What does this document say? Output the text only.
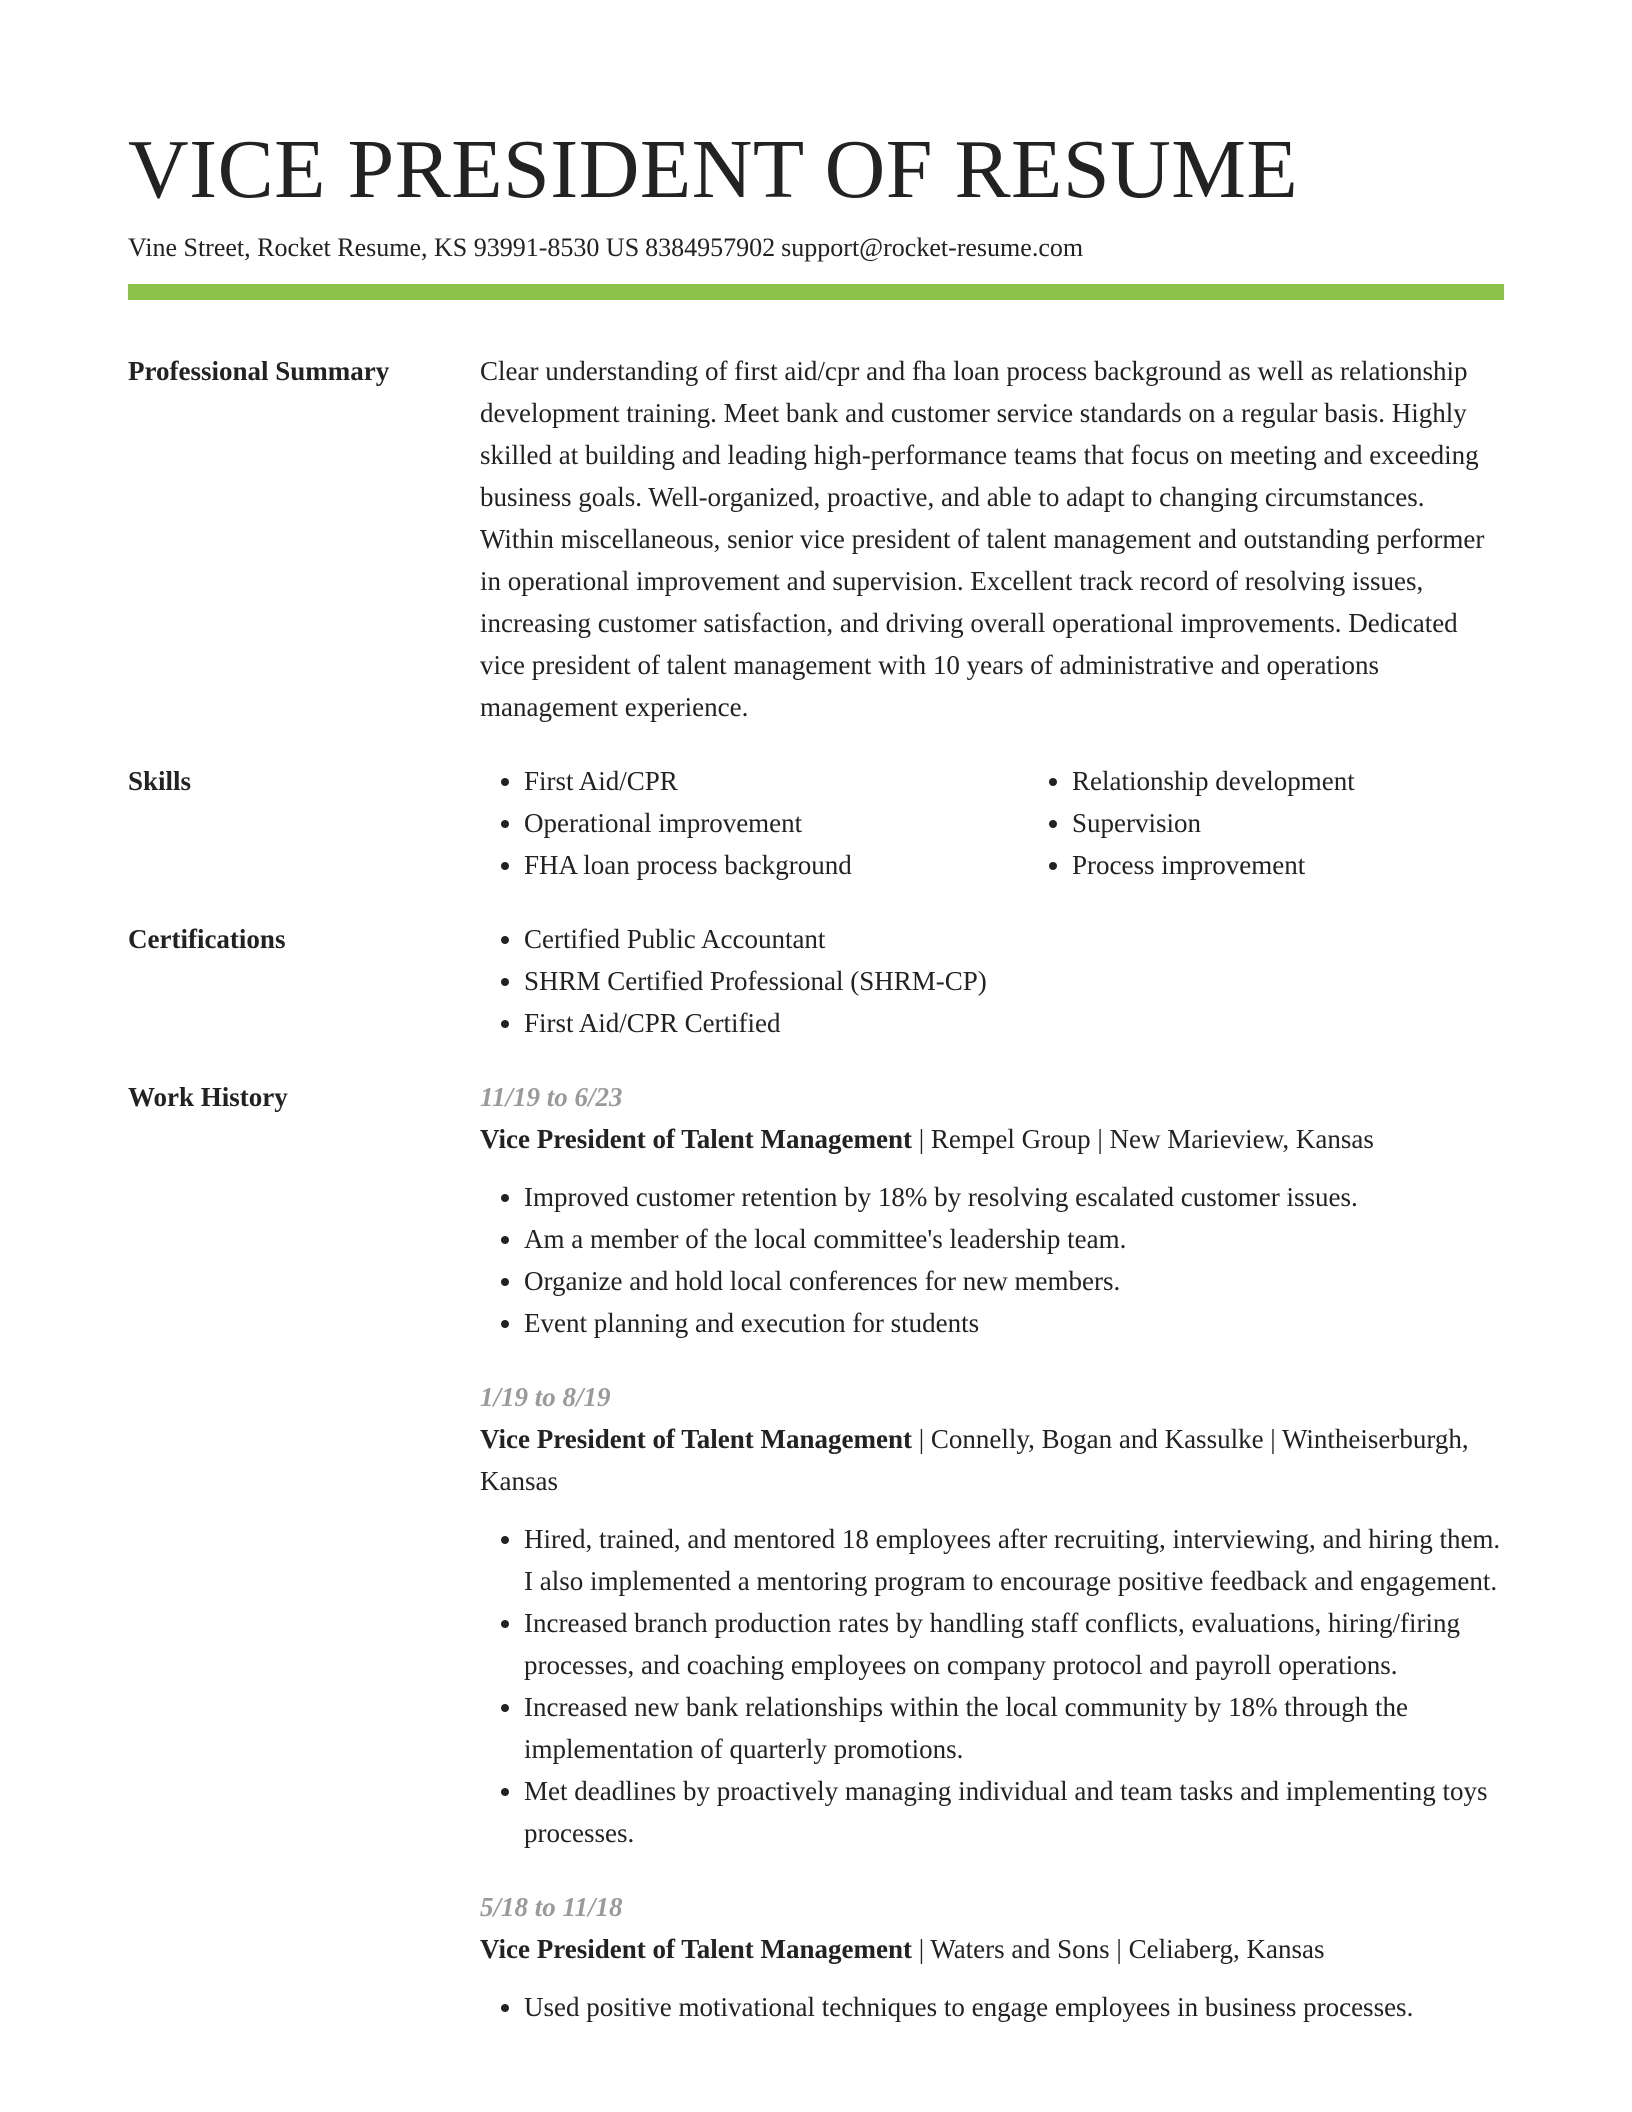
VICE PRESIDENT OF RESUME
Vine Street, Rocket Resume, KS 93991-8530 US 8384957902 support@rocket-resume.com
Professional Summary	Clear understanding of first aid/cpr and fha loan process background as well as relationship development training. Meet bank and customer service standards on a regular basis. Highly skilled at building and leading high-performance teams that focus on meeting and exceeding business goals. Well-organized, proactive, and able to adapt to changing circumstances. Within miscellaneous, senior vice president of talent management and outstanding performer in operational improvement and supervision. Excellent track record of resolving issues, increasing customer satisfaction, and driving overall operational improvements. Dedicated vice president of talent management with 10 years of administrative and operations management experience.

Skills	• First Aid/CPR
• Operational improvement
• FHA loan process background
• Relationship development
• Supervision
• Process improvement
Certifications	• Certified Public Accountant
• SHRM Certified Professional (SHRM-CP)
• First Aid/CPR Certified
Work History	11/19 to 6/23
Vice President of Talent Management | Rempel Group | New Marieview, Kansas
• Improved customer retention by 18% by resolving escalated customer issues.
• Am a member of the local committee's leadership team.
• Organize and hold local conferences for new members.
• Event planning and execution for students
1/19 to 8/19
Vice President of Talent Management | Connelly, Bogan and Kassulke | Wintheiserburgh, Kansas
• Hired, trained, and mentored 18 employees after recruiting, interviewing, and hiring them. I also implemented a mentoring program to encourage positive feedback and engagement.
• Increased branch production rates by handling staff conflicts, evaluations, hiring/firing processes, and coaching employees on company protocol and payroll operations.
• Increased new bank relationships within the local community by 18% through the implementation of quarterly promotions.
• Met deadlines by proactively managing individual and team tasks and implementing toys processes.
5/18 to 11/18
Vice President of Talent Management | Waters and Sons | Celiaberg, Kansas
• Used positive motivational techniques to engage employees in business processes.
